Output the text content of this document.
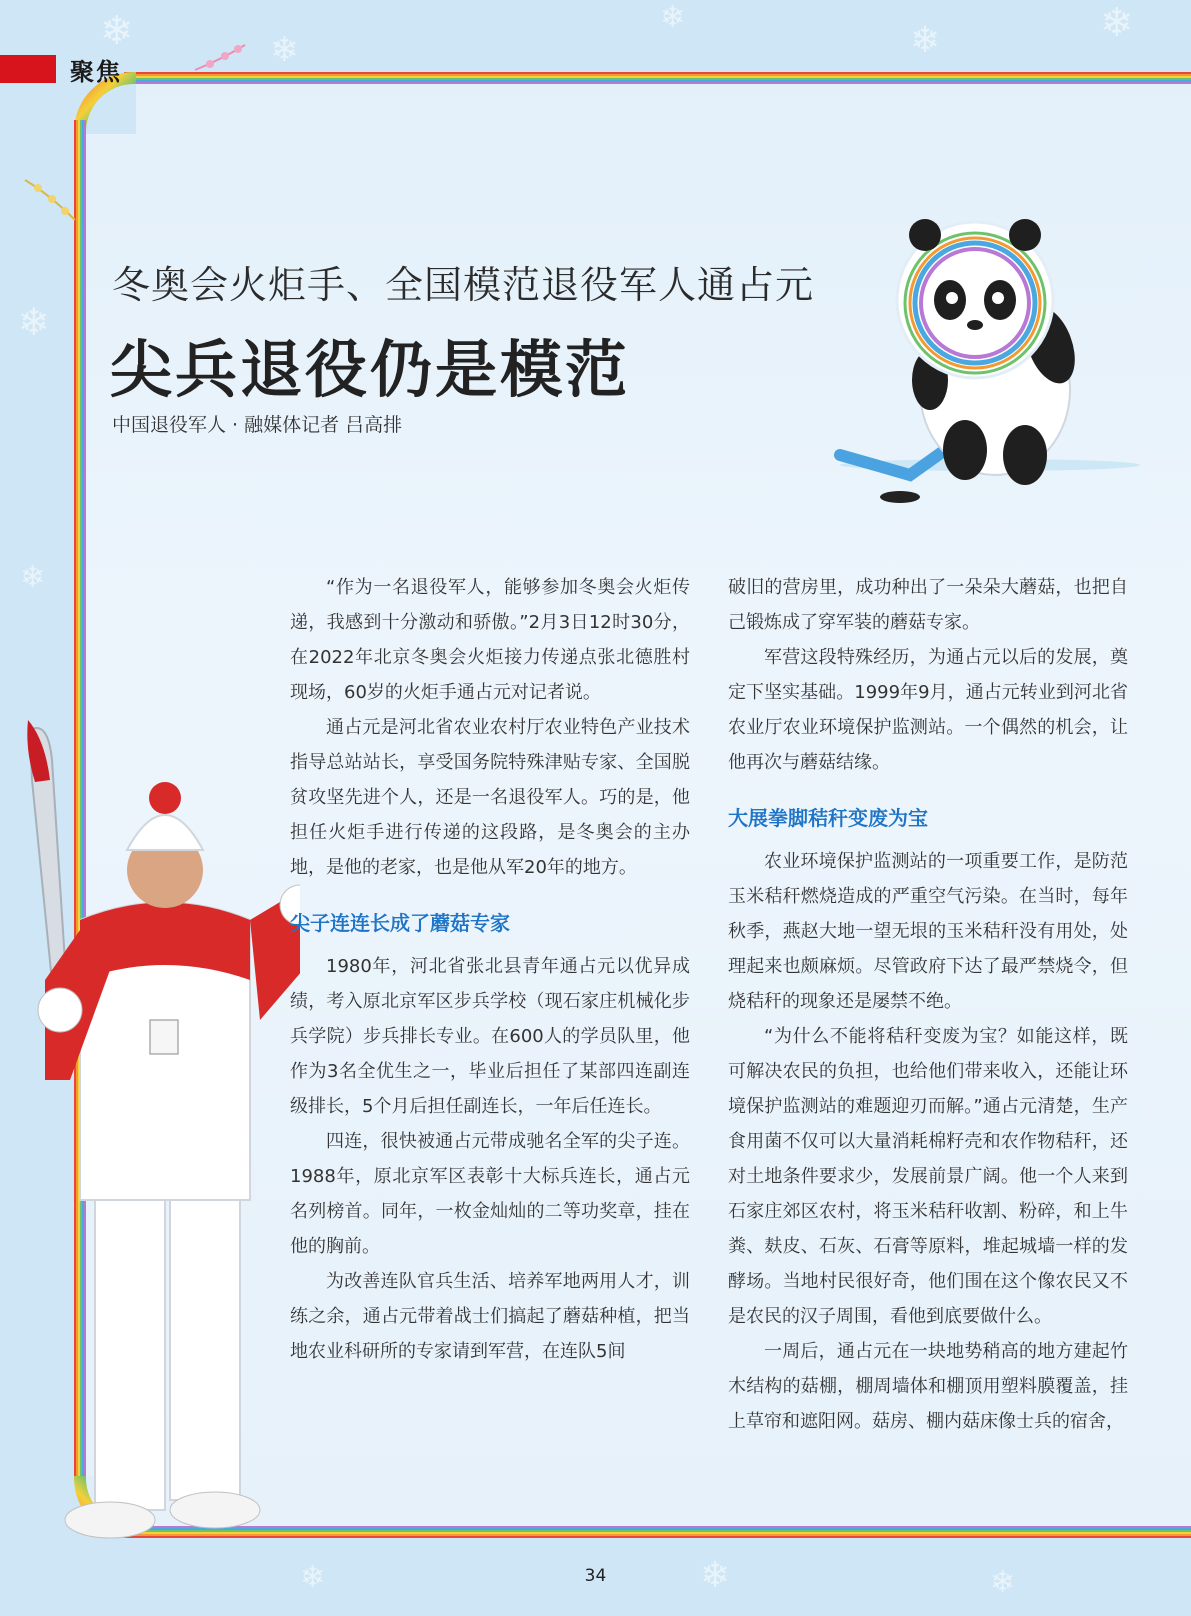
❄	❄
❄
❄	❄
❄
❄
❄	❄	❄
聚焦
冬奥会火炬手、全国模范退役军人通占元
尖兵退役仍是模范
中国退役军人 · 融媒体记者 吕高排

“作为一名退役军人，能够参加冬奥会火炬传递，我感到十分激动和骄傲。”2月3日12时30分，在2022年北京冬奥会火炬接力传递点张北德胜村现场，60岁的火炬手通占元对记者说。

通占元是河北省农业农村厅农业特色产业技术指导总站站长，享受国务院特殊津贴专家、全国脱贫攻坚先进个人，还是一名退役军人。巧的是，他担任火炬手进行传递的这段路，是冬奥会的主办地，是他的老家，也是他从军20年的地方。

尖子连连长成了蘑菇专家

1980年，河北省张北县青年通占元以优异成绩，考入原北京军区步兵学校（现石家庄机械化步兵学院）步兵排长专业。在600人的学员队里，他作为3名全优生之一，毕业后担任了某部四连副连级排长，5个月后担任副连长，一年后任连长。

四连，很快被通占元带成驰名全军的尖子连。1988年，原北京军区表彰十大标兵连长，通占元名列榜首。同年，一枚金灿灿的二等功奖章，挂在他的胸前。

为改善连队官兵生活、培养军地两用人才，训练之余，通占元带着战士们搞起了蘑菇种植，把当地农业科研所的专家请到军营，在连队5间

破旧的营房里，成功种出了一朵朵大蘑菇，也把自己锻炼成了穿军装的蘑菇专家。

军营这段特殊经历，为通占元以后的发展，奠定下坚实基础。1999年9月，通占元转业到河北省农业厅农业环境保护监测站。一个偶然的机会，让他再次与蘑菇结缘。

大展拳脚秸秆变废为宝

农业环境保护监测站的一项重要工作，是防范玉米秸秆燃烧造成的严重空气污染。在当时，每年秋季，燕赵大地一望无垠的玉米秸秆没有用处，处理起来也颇麻烦。尽管政府下达了最严禁烧令，但烧秸秆的现象还是屡禁不绝。

“为什么不能将秸秆变废为宝？如能这样，既可解决农民的负担，也给他们带来收入，还能让环境保护监测站的难题迎刃而解。”通占元清楚，生产食用菌不仅可以大量消耗棉籽壳和农作物秸秆，还对土地条件要求少，发展前景广阔。他一个人来到石家庄郊区农村，将玉米秸秆收割、粉碎，和上牛粪、麸皮、石灰、石膏等原料，堆起城墙一样的发酵场。当地村民很好奇，他们围在这个像农民又不是农民的汉子周围，看他到底要做什么。

一周后，通占元在一块地势稍高的地方建起竹木结构的菇棚，棚周墙体和棚顶用塑料膜覆盖，挂上草帘和遮阳网。菇房、棚内菇床像士兵的宿舍，

34
